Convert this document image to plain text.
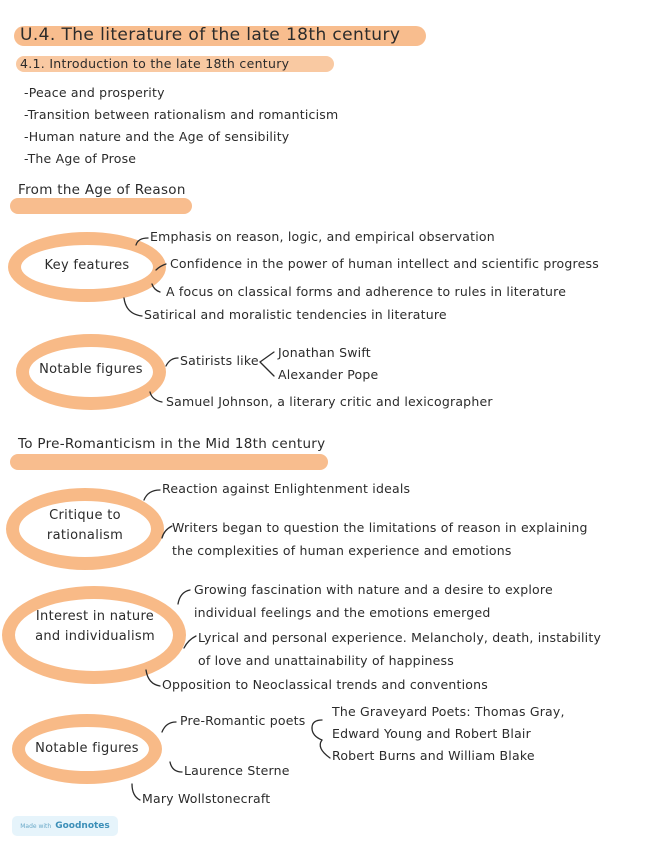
U.4. The literature of the late 18th century
4.1. Introduction to the late 18th century
-Peace and prosperity
-Transition between rationalism and romanticism
-Human nature and the Age of sensibility
-The Age of Prose
From the Age of Reason
Key features
Emphasis on reason, logic, and empirical observation
Confidence in the power of human intellect and scientific progress
A focus on classical forms and adherence to rules in literature
Satirical and moralistic tendencies in literature
Notable figures
Satirists like
Jonathan Swift
Alexander Pope
Samuel Johnson, a literary critic and lexicographer
To Pre-Romanticism in the Mid 18th century
Critique to
rationalism
Reaction against Enlightenment ideals
Writers began to question the limitations of reason in explaining
the complexities of human experience and emotions
Interest in nature
and individualism
Growing fascination with nature and a desire to explore
individual feelings and the emotions emerged
Lyrical and personal experience. Melancholy, death, instability
of love and unattainability of happiness
Opposition to Neoclassical trends and conventions
Notable figures
Pre-Romantic poets
The Graveyard Poets: Thomas Gray,
Edward Young and Robert Blair
Robert Burns and William Blake
Laurence Sterne
Mary Wollstonecraft
Made with Goodnotes
